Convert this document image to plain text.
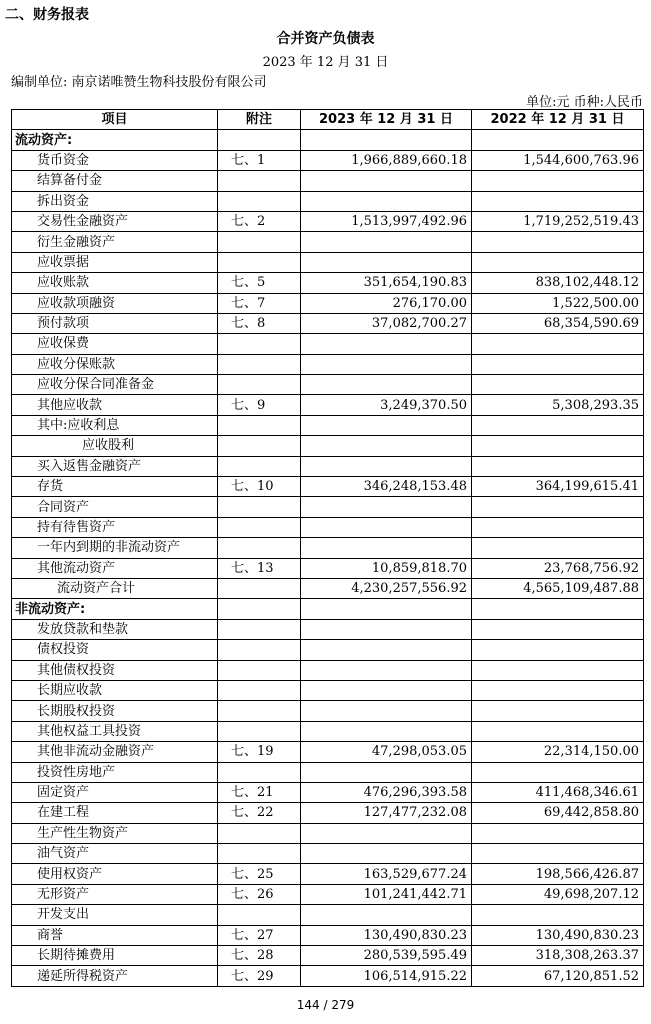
二、财务报表
合并资产负债表
2023 年 12 月 31 日
编制单位: 南京诺唯赞生物科技股份有限公司
单位:元 币种:人民币
项目	附注	2023 年 12 月 31 日	2022 年 12 月 31 日
流动资产:			
货币资金	七、1	1,966,889,660.18	1,544,600,763.96
结算备付金			
拆出资金			
交易性金融资产	七、2	1,513,997,492.96	1,719,252,519.43
衍生金融资产			
应收票据			
应收账款	七、5	351,654,190.83	838,102,448.12
应收款项融资	七、7	276,170.00	1,522,500.00
预付款项	七、8	37,082,700.27	68,354,590.69
应收保费			
应收分保账款			
应收分保合同准备金			
其他应收款	七、9	3,249,370.50	5,308,293.35
其中:应收利息			
应收股利			
买入返售金融资产			
存货	七、10	346,248,153.48	364,199,615.41
合同资产			
持有待售资产			
一年内到期的非流动资产			
其他流动资产	七、13	10,859,818.70	23,768,756.92
流动资产合计		4,230,257,556.92	4,565,109,487.88
非流动资产:			
发放贷款和垫款			
债权投资			
其他债权投资			
长期应收款			
长期股权投资			
其他权益工具投资			
其他非流动金融资产	七、19	47,298,053.05	22,314,150.00
投资性房地产			
固定资产	七、21	476,296,393.58	411,468,346.61
在建工程	七、22	127,477,232.08	69,442,858.80
生产性生物资产			
油气资产			
使用权资产	七、25	163,529,677.24	198,566,426.87
无形资产	七、26	101,241,442.71	49,698,207.12
开发支出			
商誉	七、27	130,490,830.23	130,490,830.23
长期待摊费用	七、28	280,539,595.49	318,308,263.37
递延所得税资产	七、29	106,514,915.22	67,120,851.52
144 / 279
